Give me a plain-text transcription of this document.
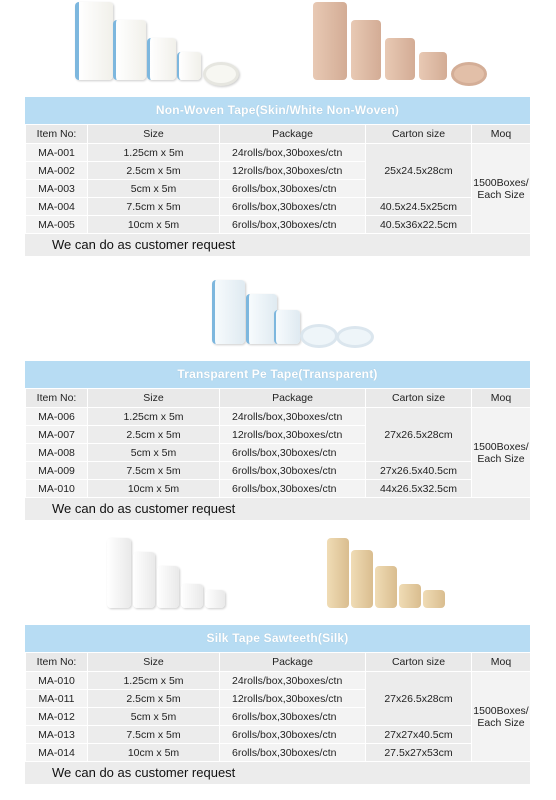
Non-Woven Tape(Skin/White Non-Woven)
Item No:	Size	Package	Carton size	Moq
MA-001	1.25cm x 5m	24rolls/box,30boxes/ctn	25x24.5x28cm	1500Boxes/
Each Size
MA-002	2.5cm x 5m	12rolls/box,30boxes/ctn		
MA-003	5cm x 5m	6rolls/box,30boxes/ctn		
MA-004	7.5cm x 5m	6rolls/box,30boxes/ctn	40.5x24.5x25cm	
MA-005	10cm x 5m	6rolls/box,30boxes/ctn	40.5x36x22.5cm	
We can do as customer request
Transparent Pe Tape(Transparent)
Item No:	Size	Package	Carton size	Moq
MA-006	1.25cm x 5m	24rolls/box,30boxes/ctn	27x26.5x28cm	1500Boxes/
Each Size
MA-007	2.5cm x 5m	12rolls/box,30boxes/ctn		
MA-008	5cm x 5m	6rolls/box,30boxes/ctn		
MA-009	7.5cm x 5m	6rolls/box,30boxes/ctn	27x26.5x40.5cm	
MA-010	10cm x 5m	6rolls/box,30boxes/ctn	44x26.5x32.5cm	
We can do as customer request
Silk Tape Sawteeth(Silk)
Item No:	Size	Package	Carton size	Moq
MA-010	1.25cm x 5m	24rolls/box,30boxes/ctn	27x26.5x28cm	1500Boxes/
Each Size
MA-011	2.5cm x 5m	12rolls/box,30boxes/ctn		
MA-012	5cm x 5m	6rolls/box,30boxes/ctn		
MA-013	7.5cm x 5m	6rolls/box,30boxes/ctn	27x27x40.5cm	
MA-014	10cm x 5m	6rolls/box,30boxes/ctn	27.5x27x53cm	
We can do as customer request
